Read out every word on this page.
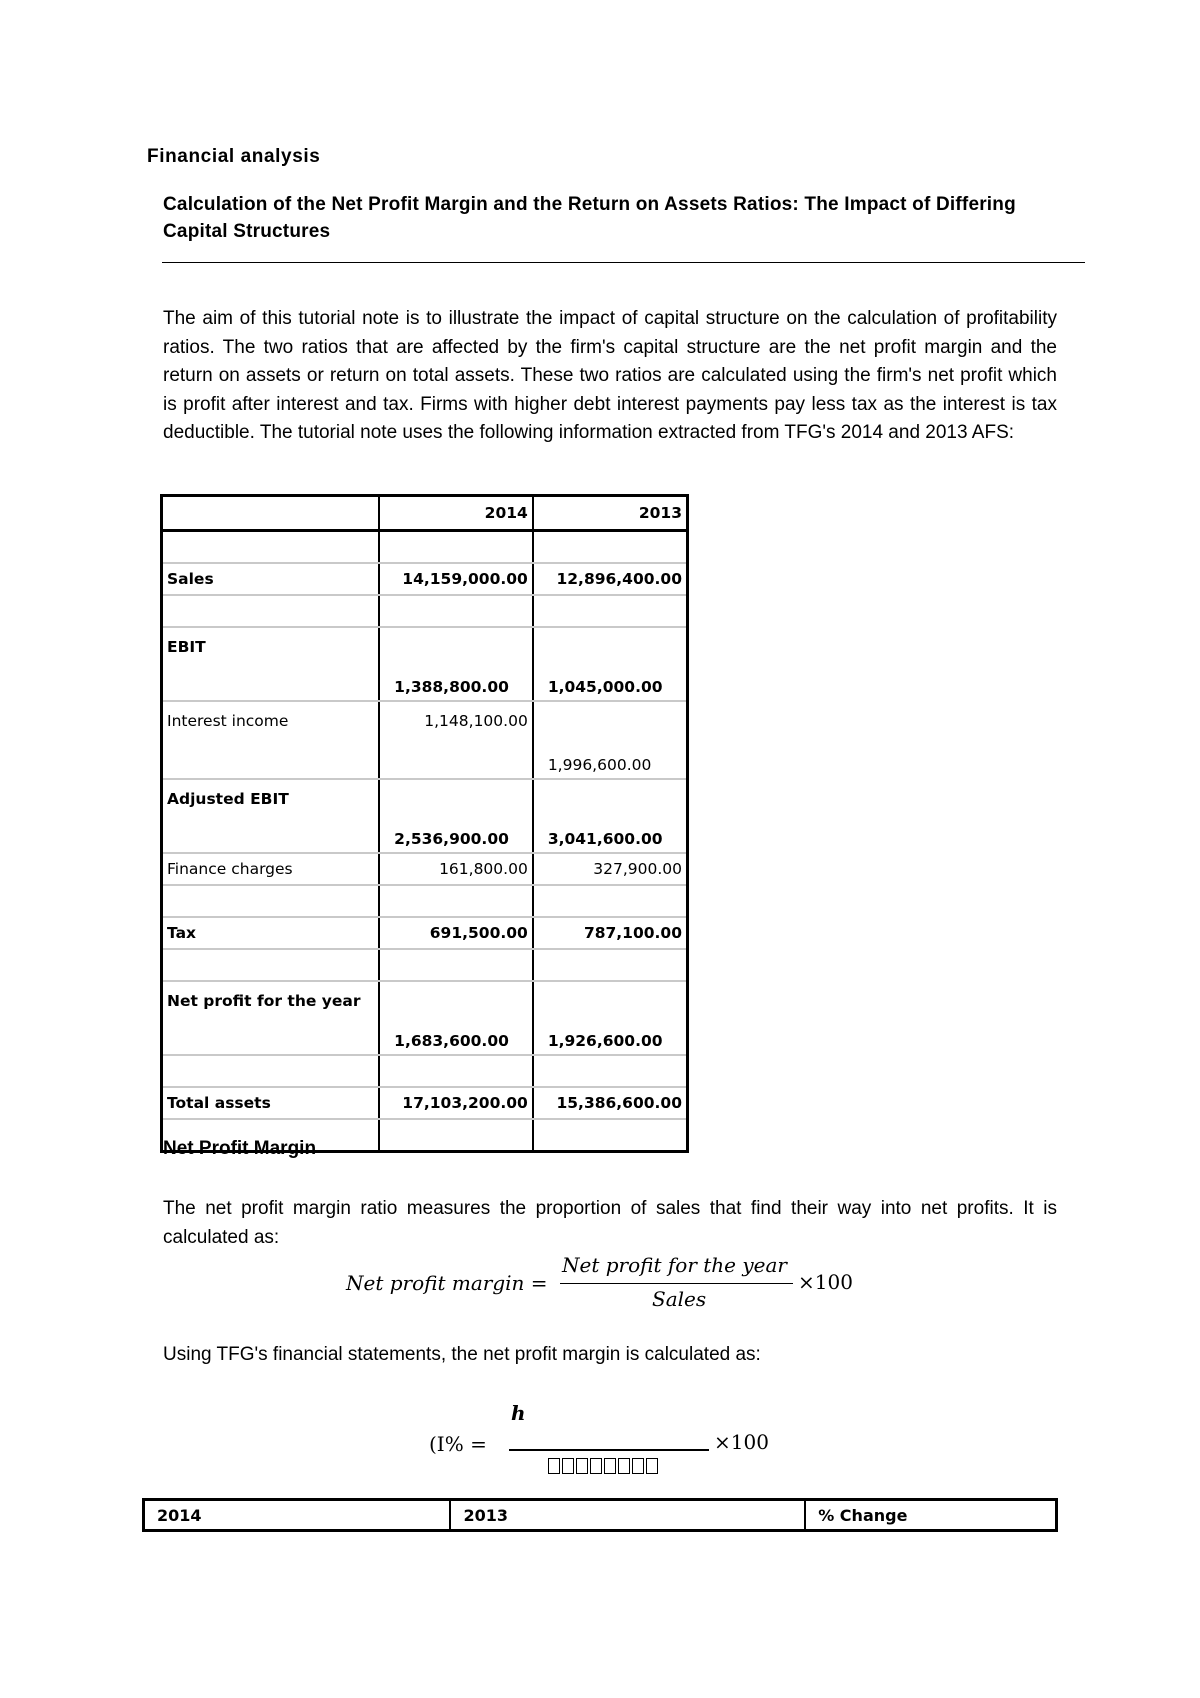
Financial analysis
Calculation of the Net Profit Margin and the Return on Assets Ratios: The Impact of Differing Capital Structures

The aim of this tutorial note is to illustrate the impact of capital structure on the calculation of profitability ratios. The two ratios that are affected by the firm's capital structure are the net profit margin and the return on assets or return on total assets. These two ratios are calculated using the firm's net profit which is profit after interest and tax. Firms with higher debt interest payments pay less tax as the interest is tax deductible. The tutorial note uses the following information extracted from TFG's 2014 and 2013 AFS:

	2014	2013

Sales	14,159,000.00	12,896,400.00

EBIT	1,388,800.00	1,045,000.00
Interest income	1,148,100.00	1,996,600.00
Adjusted EBIT	2,536,900.00	3,041,600.00
Finance charges	161,800.00	327,900.00

Tax	691,500.00	787,100.00

Net profit for the year	1,683,600.00	1,926,600.00

Total assets	17,103,200.00	15,386,600.00

Net Profit Margin

The net profit margin ratio measures the proportion of sales that find their way into net profits. It is calculated as:

Net profit margin =
Net profit for the year
Sales
×100
Using TFG's financial statements, the net profit margin is calculated as:
h
(I% =	×100
2014	2013	% Change
